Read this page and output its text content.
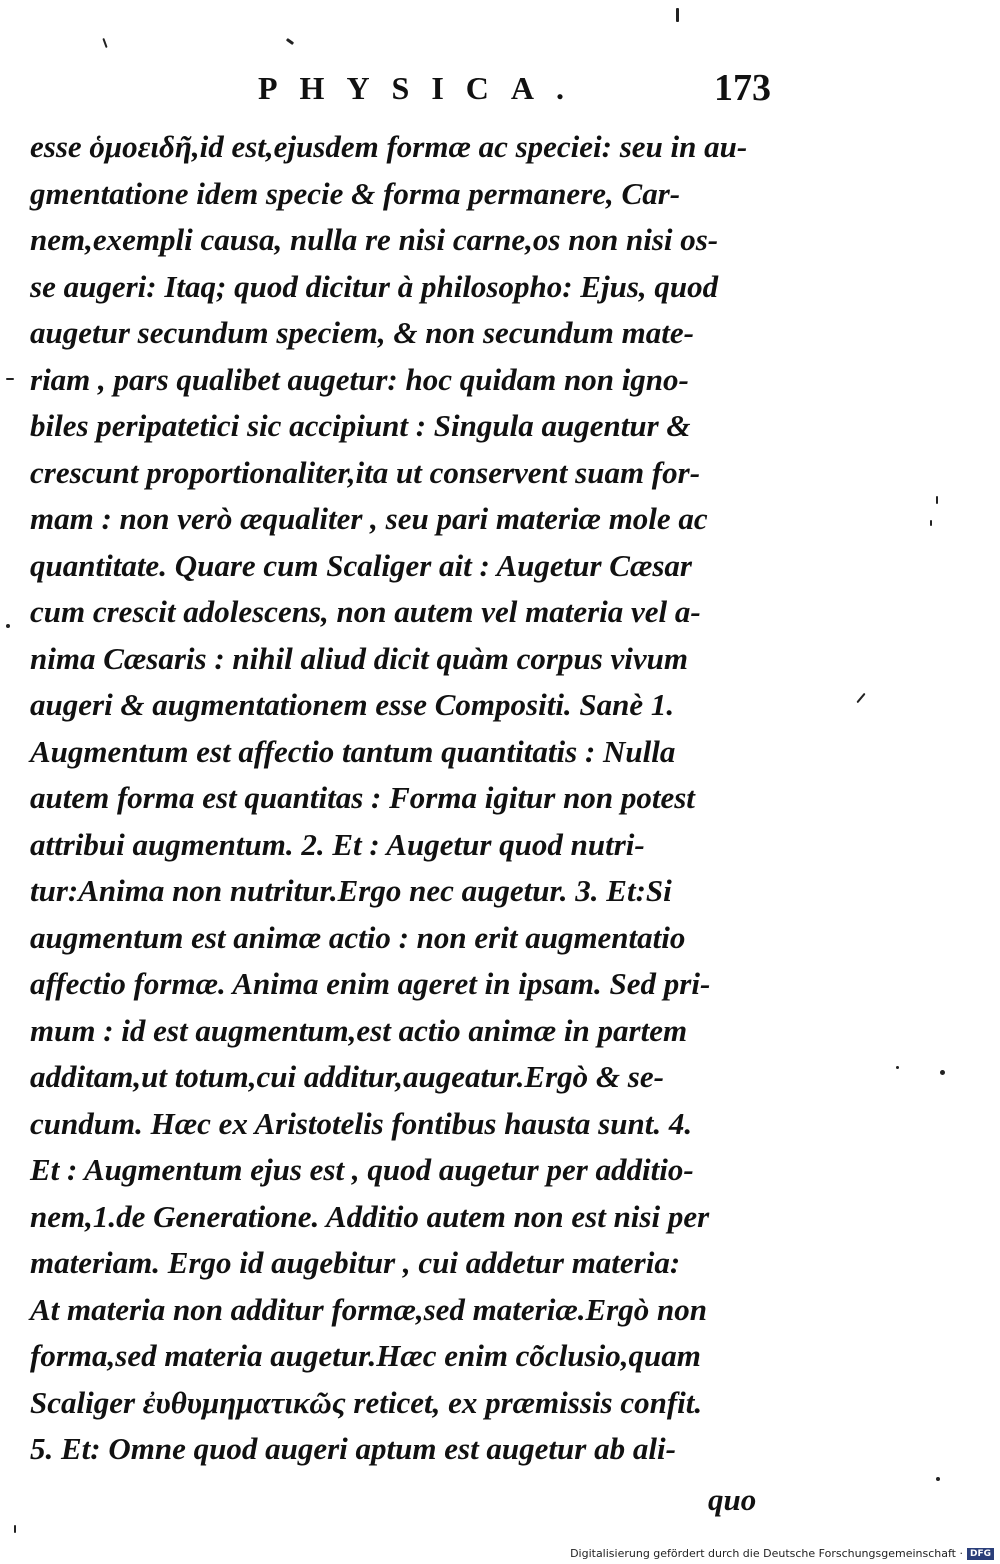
PHYSICA.	173
esse ὁμοειδῆ,id est,ejusdem formæ ac speciei: seu in au-
gmentatione idem specie & forma permanere, Car-
nem,exempli causa, nulla re nisi carne,os non nisi os-
se augeri: Itaq; quod dicitur à philosopho: Ejus, quod
augetur secundum speciem, & non secundum mate-
riam , pars qualibet augetur: hoc quidam non igno-
biles peripatetici sic accipiunt : Singula augentur &
crescunt proportionaliter,ita ut conservent suam for-
mam : non verò æqualiter , seu pari materiæ mole ac
quantitate. Quare cum Scaliger ait : Augetur Cæsar
cum crescit adolescens, non autem vel materia vel a-
nima Cæsaris : nihil aliud dicit quàm corpus vivum
augeri & augmentationem esse Compositi. Sanè 1.
Augmentum est affectio tantum quantitatis : Nulla
autem forma est quantitas : Forma igitur non potest
attribui augmentum. 2. Et : Augetur quod nutri-
tur:Anima non nutritur.Ergo nec augetur. 3. Et:Si
augmentum est animæ actio : non erit augmentatio
affectio formæ. Anima enim ageret in ipsam. Sed pri-
mum : id est augmentum,est actio animæ in partem
additam,ut totum,cui additur,augeatur.Ergò & se-
cundum. Hæc ex Aristotelis fontibus hausta sunt. 4.
Et : Augmentum ejus est , quod augetur per additio-
nem,1.de Generatione. Additio autem non est nisi per
materiam. Ergo id augebitur , cui addetur materia:
At materia non additur formæ,sed materiæ.Ergò non
forma,sed materia augetur.Hæc enim cõclusio,quam
Scaliger ἐυθυμηματικῶς reticet, ex præmissis confit.
5. Et: Omne quod augeri aptum est augetur ab ali-
quo
Digitalisierung gefördert durch die Deutsche Forschungsgemeinschaft · DFG
